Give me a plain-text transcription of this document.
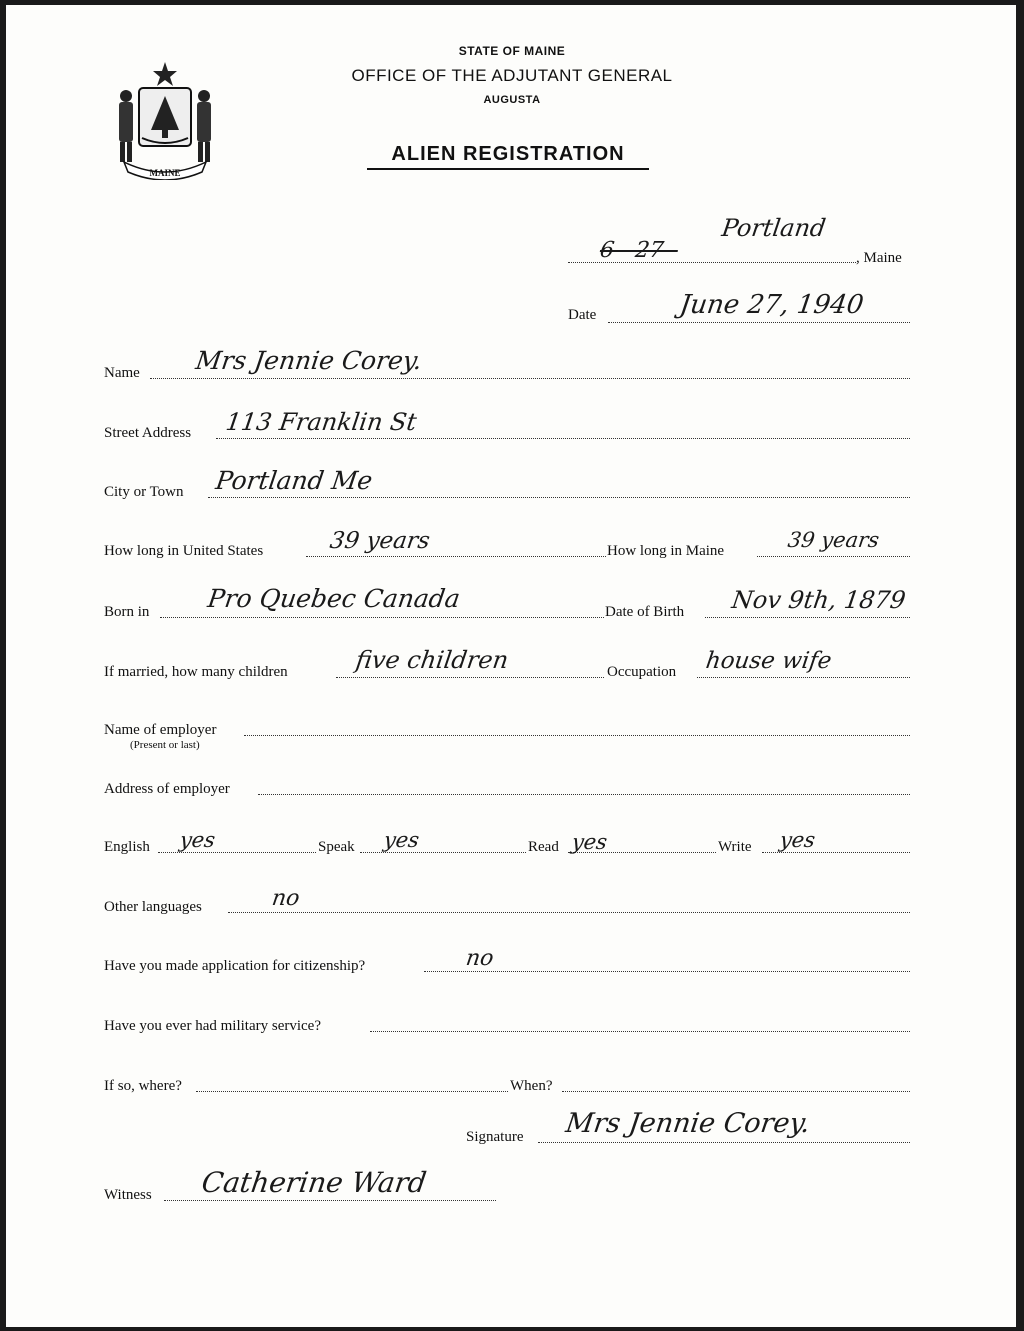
MAINE
STATE OF MAINE
OFFICE OF THE ADJUTANT GENERAL
AUGUSTA
ALIEN REGISTRATION
6 - 27 -
Portland
, Maine
Date	June 27, 1940
Name Mrs Jennie Corey.
Street Address 113 Franklin St
City or Town Portland Me
How long in United States	39 years	How long in Maine	39 years
Born in Pro Quebec Canada	Date of Birth Nov 9th, 1879
If married, how many children	five children	Occupation house wife
Name of employer
(Present or last)
Address of employer
English yes	Speak yes	Read yes	Write yes
Other languages	no
Have you made application for citizenship?	no
Have you ever had military service?
If so, where?	When?
Signature Mrs Jennie Corey.
Witness Catherine Ward
